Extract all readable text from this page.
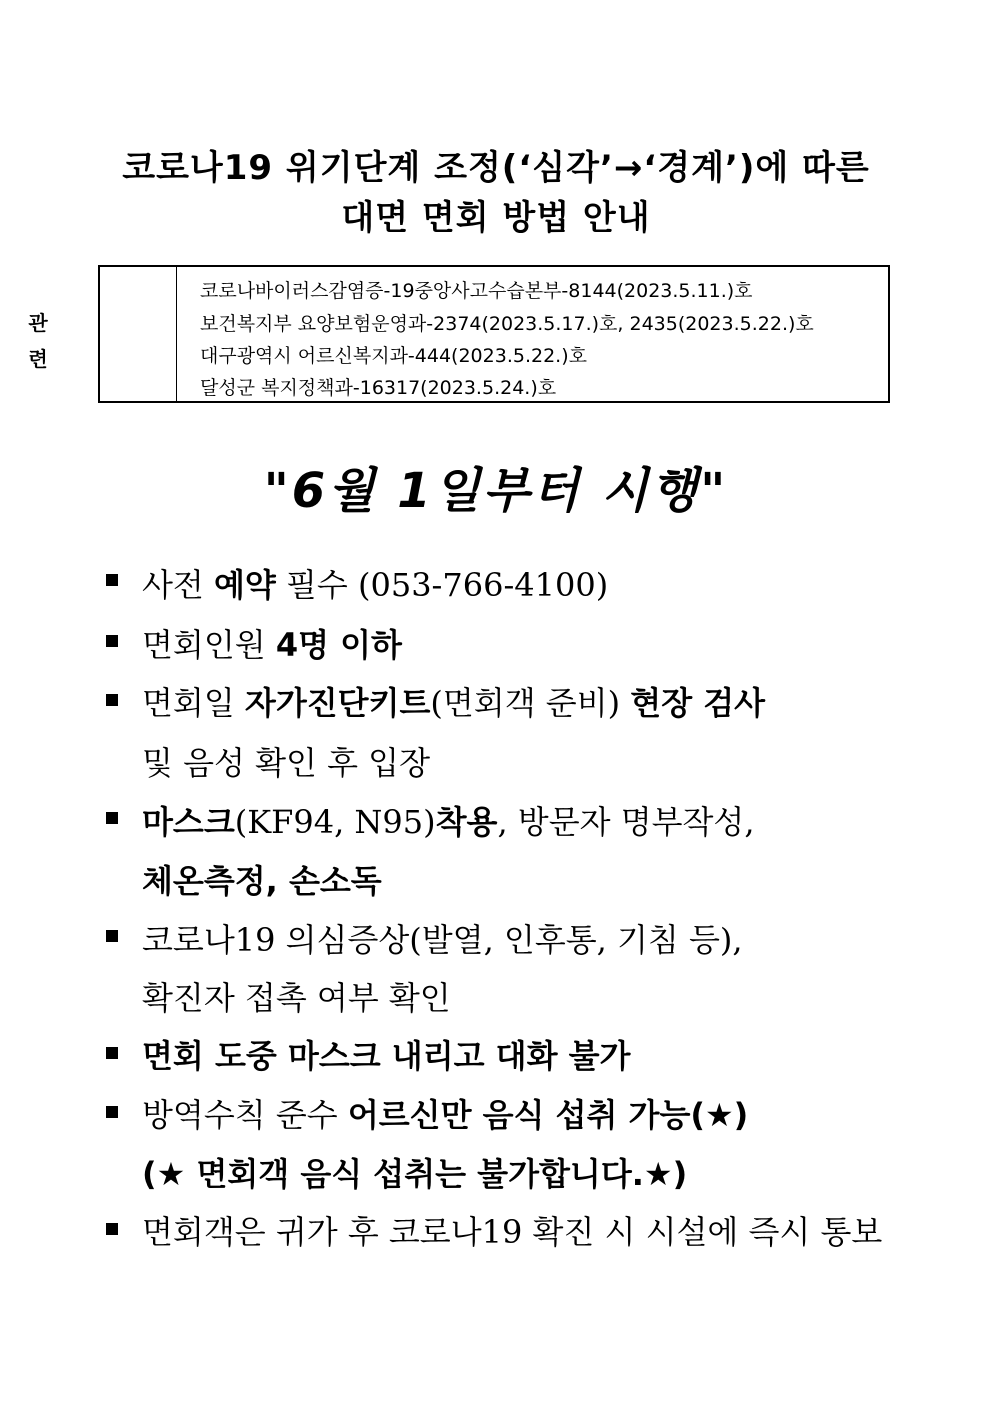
코로나19 위기단계 조정(‘심각’→‘경계’)에 따른
대면 면회 방법 안내
관
련
코로나바이러스감염증-19중앙사고수습본부-8144(2023.5.11.)호
보건복지부 요양보험운영과-2374(2023.5.17.)호, 2435(2023.5.22.)호
대구광역시 어르신복지과-444(2023.5.22.)호
달성군 복지정책과-16317(2023.5.24.)호
"6월 1일부터 시행"
사전 예약 필수 (053-766-4100)
면회인원 4명 이하
면회일 자가진단키트(면회객 준비) 현장 검사
및 음성 확인 후 입장
마스크(KF94, N95)착용, 방문자 명부작성,
체온측정, 손소독
코로나19 의심증상(발열, 인후통, 기침 등),
확진자 접촉 여부 확인
면회 도중 마스크 내리고 대화 불가
방역수칙 준수 어르신만 음식 섭취 가능(★)
(★ 면회객 음식 섭취는 불가합니다.★)
면회객은 귀가 후 코로나19 확진 시 시설에 즉시 통보
